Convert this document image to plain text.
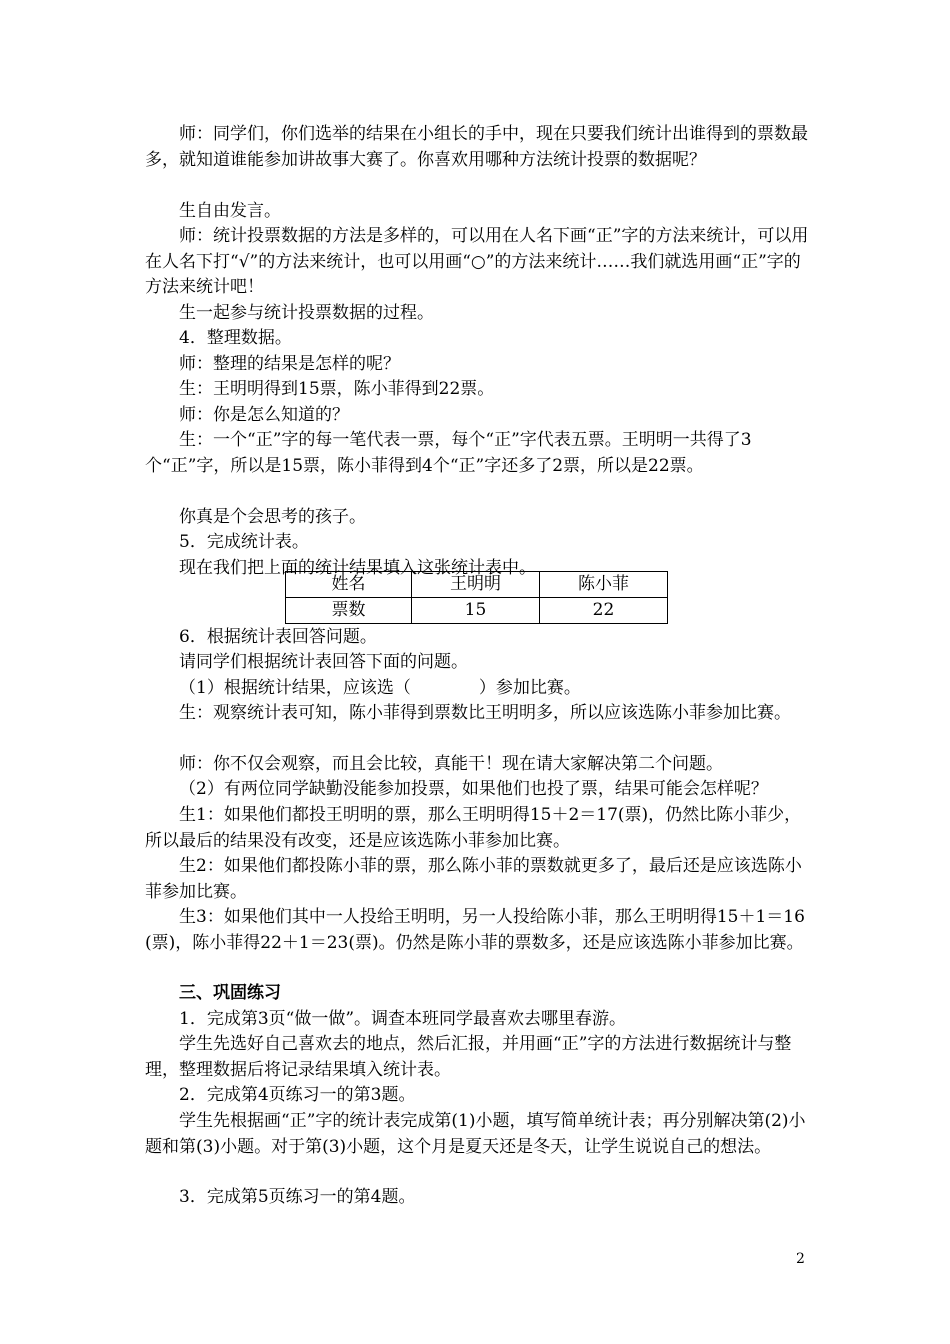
师：同学们，你们选举的结果在小组长的手中，现在只要我们统计出谁得到的票数最多，就知道谁能参加讲故事大赛了。你喜欢用哪种方法统计投票的数据呢？

生自由发言。

师：统计投票数据的方法是多样的，可以用在人名下画“正”字的方法来统计，可以用在人名下打“√”的方法来统计，也可以用画“○”的方法来统计……我们就选用画“正”字的方法来统计吧！

生一起参与统计投票数据的过程。

4．整理数据。

师：整理的结果是怎样的呢？

生：王明明得到15票，陈小菲得到22票。

师：你是怎么知道的？

生：一个“正”字的每一笔代表一票，每个“正”字代表五票。王明明一共得了3个“正”字，所以是15票，陈小菲得到4个“正”字还多了2票，所以是22票。

你真是个会思考的孩子。

5．完成统计表。

现在我们把上面的统计结果填入这张统计表中。

姓名	王明明	陈小菲
票数	15	22

6．根据统计表回答问题。

请同学们根据统计表回答下面的问题。

（1）根据统计结果，应该选（　　　　）参加比赛。

生：观察统计表可知，陈小菲得到票数比王明明多，所以应该选陈小菲参加比赛。

师：你不仅会观察，而且会比较，真能干！现在请大家解决第二个问题。

（2）有两位同学缺勤没能参加投票，如果他们也投了票，结果可能会怎样呢？

生1：如果他们都投王明明的票，那么王明明得15＋2＝17(票)，仍然比陈小菲少，所以最后的结果没有改变，还是应该选陈小菲参加比赛。

生2：如果他们都投陈小菲的票，那么陈小菲的票数就更多了，最后还是应该选陈小菲参加比赛。

生3：如果他们其中一人投给王明明，另一人投给陈小菲，那么王明明得15＋1＝16(票)，陈小菲得22＋1＝23(票)。仍然是陈小菲的票数多，还是应该选陈小菲参加比赛。

三、巩固练习

1．完成第3页“做一做”。调查本班同学最喜欢去哪里春游。

学生先选好自己喜欢去的地点，然后汇报，并用画“正”字的方法进行数据统计与整理，整理数据后将记录结果填入统计表。

2．完成第4页练习一的第3题。

学生先根据画“正”字的统计表完成第(1)小题，填写简单统计表；再分别解决第(2)小题和第(3)小题。对于第(3)小题，这个月是夏天还是冬天，让学生说说自己的想法。

3．完成第5页练习一的第4题。

2
